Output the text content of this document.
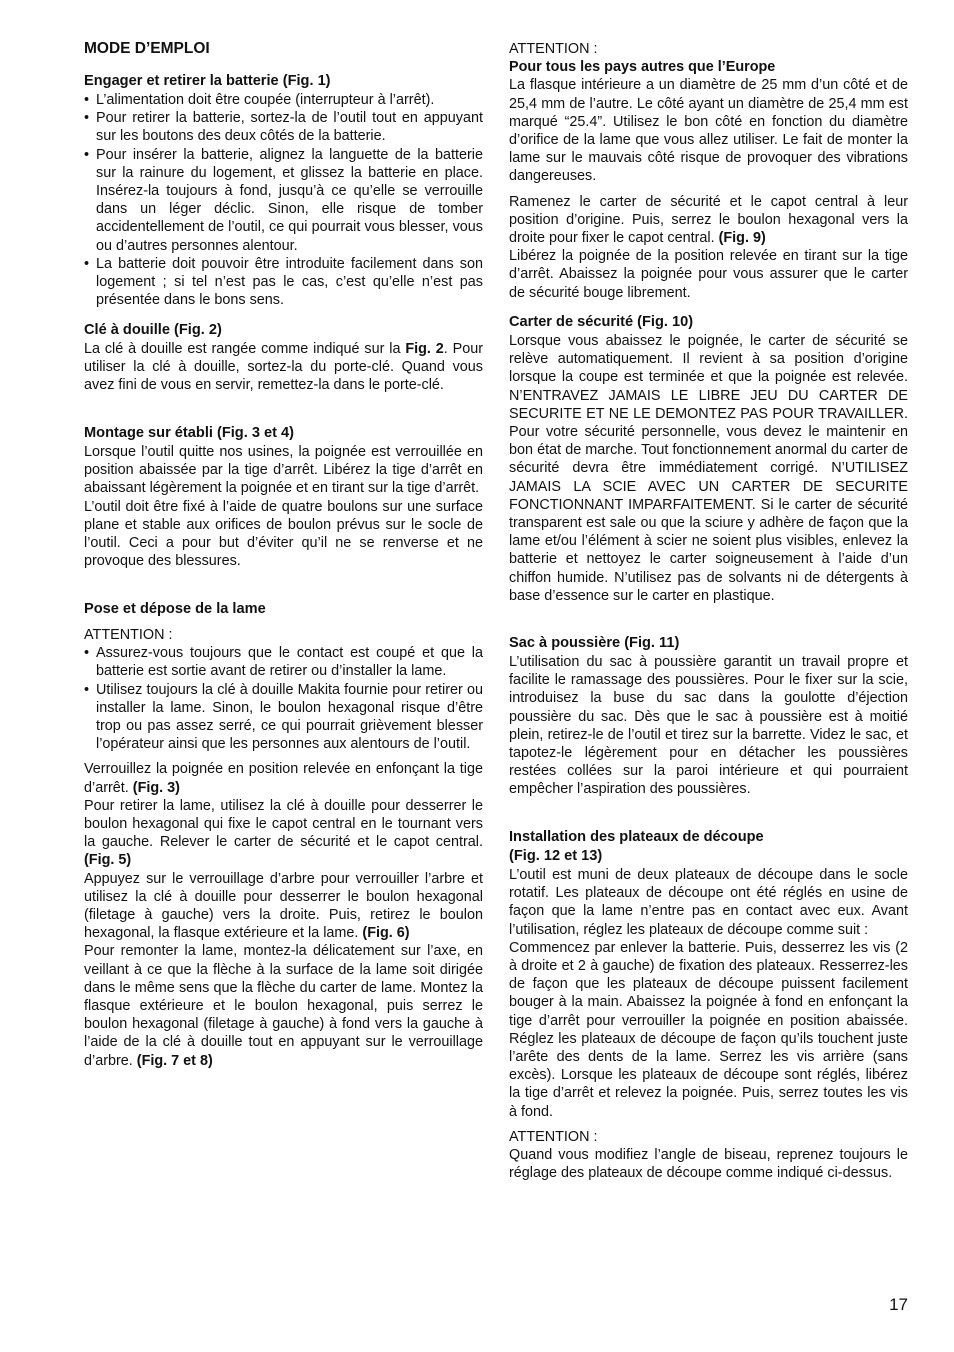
MODE D’EMPLOI
Engager et retirer la batterie (Fig. 1)
• L’alimentation doit être coupée (interrupteur à l’arrêt).
• Pour retirer la batterie, sortez-la de l’outil tout en appuyant sur les boutons des deux côtés de la batterie.
• Pour insérer la batterie, alignez la languette de la batterie sur la rainure du logement, et glissez la batterie en place. Insérez-la toujours à fond, jusqu’à ce qu’elle se verrouille dans un léger déclic. Sinon, elle risque de tomber accidentellement de l’outil, ce qui pourrait vous blesser, vous ou d’autres personnes alentour.
• La batterie doit pouvoir être introduite facilement dans son logement ; si tel n’est pas le cas, c’est qu’elle n’est pas présentée dans le bons sens.
Clé à douille (Fig. 2)

La clé à douille est rangée comme indiqué sur la Fig. 2. Pour utiliser la clé à douille, sortez-la du porte-clé. Quand vous avez fini de vous en servir, remettez-la dans le porte-clé.

Montage sur établi (Fig. 3 et 4)

Lorsque l’outil quitte nos usines, la poignée est verrouillée en position abaissée par la tige d’arrêt. Libérez la tige d’arrêt en abaissant légèrement la poignée et en tirant sur la tige d’arrêt.

L’outil doit être fixé à l’aide de quatre boulons sur une surface plane et stable aux orifices de boulon prévus sur le socle de l’outil. Ceci a pour but d’éviter qu’il ne se renverse et ne provoque des blessures.

Pose et dépose de la lame

ATTENTION :

• Assurez-vous toujours que le contact est coupé et que la batterie est sortie avant de retirer ou d’installer la lame.
• Utilisez toujours la clé à douille Makita fournie pour retirer ou installer la lame. Sinon, le boulon hexagonal risque d’être trop ou pas assez serré, ce qui pourrait grièvement blesser l’opérateur ainsi que les personnes aux alentours de l’outil.

Verrouillez la poignée en position relevée en enfonçant la tige d’arrêt. (Fig. 3)

Pour retirer la lame, utilisez la clé à douille pour desserrer le boulon hexagonal qui fixe le capot central en le tournant vers la gauche. Relever le carter de sécurité et le capot central. (Fig. 5)

Appuyez sur le verrouillage d’arbre pour verrouiller l’arbre et utilisez la clé à douille pour desserrer le boulon hexagonal (filetage à gauche) vers la droite. Puis, retirez le boulon hexagonal, la flasque extérieure et la lame. (Fig. 6)

Pour remonter la lame, montez-la délicatement sur l’axe, en veillant à ce que la flèche à la surface de la lame soit dirigée dans le même sens que la flèche du carter de lame. Montez la flasque extérieure et le boulon hexagonal, puis serrez le boulon hexagonal (filetage à gauche) à fond vers la gauche à l’aide de la clé à douille tout en appuyant sur le verrouillage d’arbre. (Fig. 7 et 8)

ATTENTION :

Pour tous les pays autres que l’Europe

La flasque intérieure a un diamètre de 25 mm d’un côté et de 25,4 mm de l’autre. Le côté ayant un diamètre de 25,4 mm est marqué “25.4”. Utilisez le bon côté en fonction du diamètre d’orifice de la lame que vous allez utiliser. Le fait de monter la lame sur le mauvais côté risque de provoquer des vibrations dangereuses.

Ramenez le carter de sécurité et le capot central à leur position d’origine. Puis, serrez le boulon hexagonal vers la droite pour fixer le capot central. (Fig. 9)

Libérez la poignée de la position relevée en tirant sur la tige d’arrêt. Abaissez la poignée pour vous assurer que le carter de sécurité bouge librement.

Carter de sécurité (Fig. 10)

Lorsque vous abaissez le poignée, le carter de sécurité se relève automatiquement. Il revient à sa position d’origine lorsque la coupe est terminée et que la poignée est relevée. N’ENTRAVEZ JAMAIS LE LIBRE JEU DU CARTER DE SECURITE ET NE LE DEMONTEZ PAS POUR TRAVAILLER. Pour votre sécurité personnelle, vous devez le maintenir en bon état de marche. Tout fonctionnement anormal du carter de sécurité devra être immédiatement corrigé. N’UTILISEZ JAMAIS LA SCIE AVEC UN CARTER DE SECURITE FONCTIONNANT IMPARFAITEMENT. Si le carter de sécurité transparent est sale ou que la sciure y adhère de façon que la lame et/ou l’élément à scier ne soient plus visibles, enlevez la batterie et nettoyez le carter soigneusement à l’aide d’un chiffon humide. N’utilisez pas de solvants ni de détergents à base d’essence sur le carter en plastique.

Sac à poussière (Fig. 11)

L’utilisation du sac à poussière garantit un travail propre et facilite le ramassage des poussières. Pour le fixer sur la scie, introduisez la buse du sac dans la goulotte d’éjection poussière du sac. Dès que le sac à poussière est à moitié plein, retirez-le de l’outil et tirez sur la barrette. Videz le sac, et tapotez-le légèrement pour en détacher les poussières restées collées sur la paroi intérieure et qui pourraient empêcher l’aspiration des poussières.

Installation des plateaux de découpe
(Fig. 12 et 13)

L’outil est muni de deux plateaux de découpe dans le socle rotatif. Les plateaux de découpe ont été réglés en usine de façon que la lame n’entre pas en contact avec eux. Avant l’utilisation, réglez les plateaux de découpe comme suit :

Commencez par enlever la batterie. Puis, desserrez les vis (2 à droite et 2 à gauche) de fixation des plateaux. Resserrez-les de façon que les plateaux de découpe puissent facilement bouger à la main. Abaissez la poignée à fond en enfonçant la tige d’arrêt pour verrouiller la poignée en position abaissée. Réglez les plateaux de découpe de façon qu’ils touchent juste l’arête des dents de la lame. Serrez les vis arrière (sans excès). Lorsque les plateaux de découpe sont réglés, libérez la tige d’arrêt et relevez la poignée. Puis, serrez toutes les vis à fond.

ATTENTION :

Quand vous modifiez l’angle de biseau, reprenez toujours le réglage des plateaux de découpe comme indiqué ci-dessus.

17
